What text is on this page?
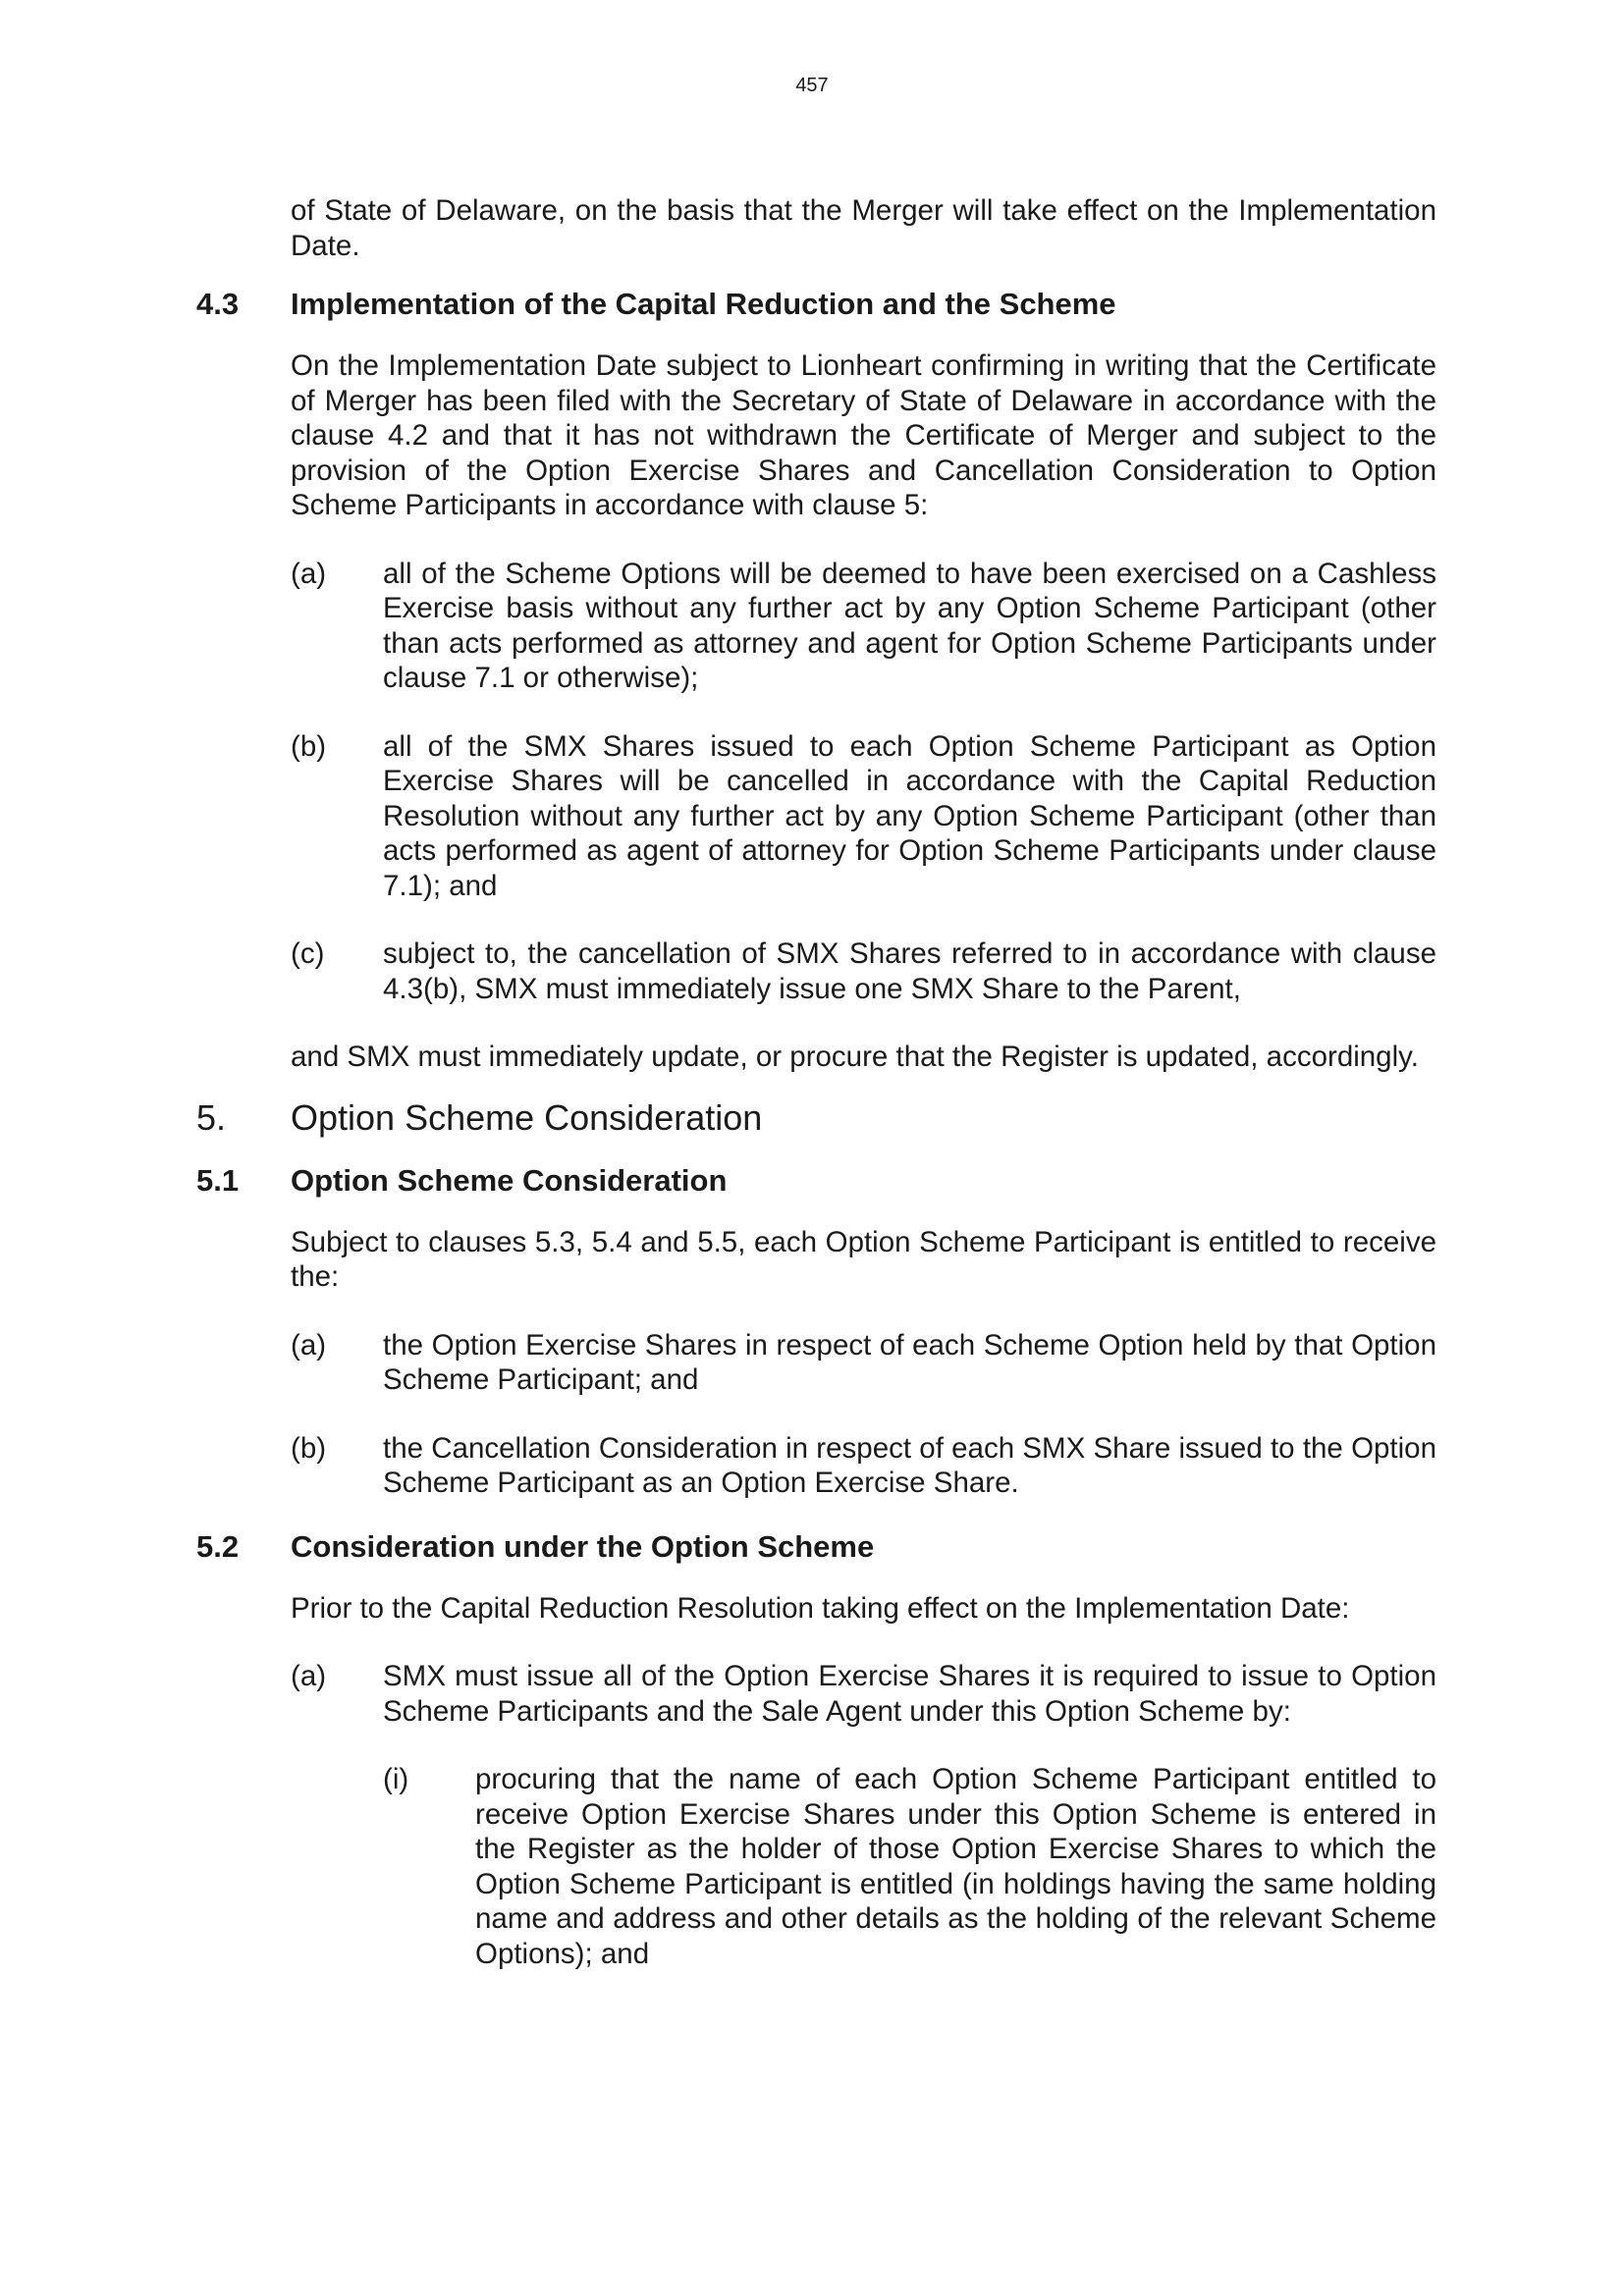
457

of State of Delaware, on the basis that the Merger will take effect on the Implementation Date.

4.3	Implementation of the Capital Reduction and the Scheme

On the Implementation Date subject to Lionheart confirming in writing that the Certificate of Merger has been filed with the Secretary of State of Delaware in accordance with the clause 4.2 and that it has not withdrawn the Certificate of Merger and subject to the provision of the Option Exercise Shares and Cancellation Consideration to Option Scheme Participants in accordance with clause 5:

(a)	all of the Scheme Options will be deemed to have been exercised on a Cashless Exercise basis without any further act by any Option Scheme Participant (other than acts performed as attorney and agent for Option Scheme Participants under clause 7.1 or otherwise);
(b)	all of the SMX Shares issued to each Option Scheme Participant as Option Exercise Shares will be cancelled in accordance with the Capital Reduction Resolution without any further act by any Option Scheme Participant (other than acts performed as agent of attorney for Option Scheme Participants under clause 7.1); and
(c)	subject to, the cancellation of SMX Shares referred to in accordance with clause 4.3(b), SMX must immediately issue one SMX Share to the Parent,

and SMX must immediately update, or procure that the Register is updated, accordingly.

5.	Option Scheme Consideration
5.1	Option Scheme Consideration

Subject to clauses 5.3, 5.4 and 5.5, each Option Scheme Participant is entitled to receive the:

(a)	the Option Exercise Shares in respect of each Scheme Option held by that Option Scheme Participant; and
(b)	the Cancellation Consideration in respect of each SMX Share issued to the Option Scheme Participant as an Option Exercise Share.
5.2	Consideration under the Option Scheme

Prior to the Capital Reduction Resolution taking effect on the Implementation Date:

(a)	SMX must issue all of the Option Exercise Shares it is required to issue to Option Scheme Participants and the Sale Agent under this Option Scheme by:
(i)	procuring that the name of each Option Scheme Participant entitled to receive Option Exercise Shares under this Option Scheme is entered in the Register as the holder of those Option Exercise Shares to which the Option Scheme Participant is entitled (in holdings having the same holding name and address and other details as the holding of the relevant Scheme Options); and
